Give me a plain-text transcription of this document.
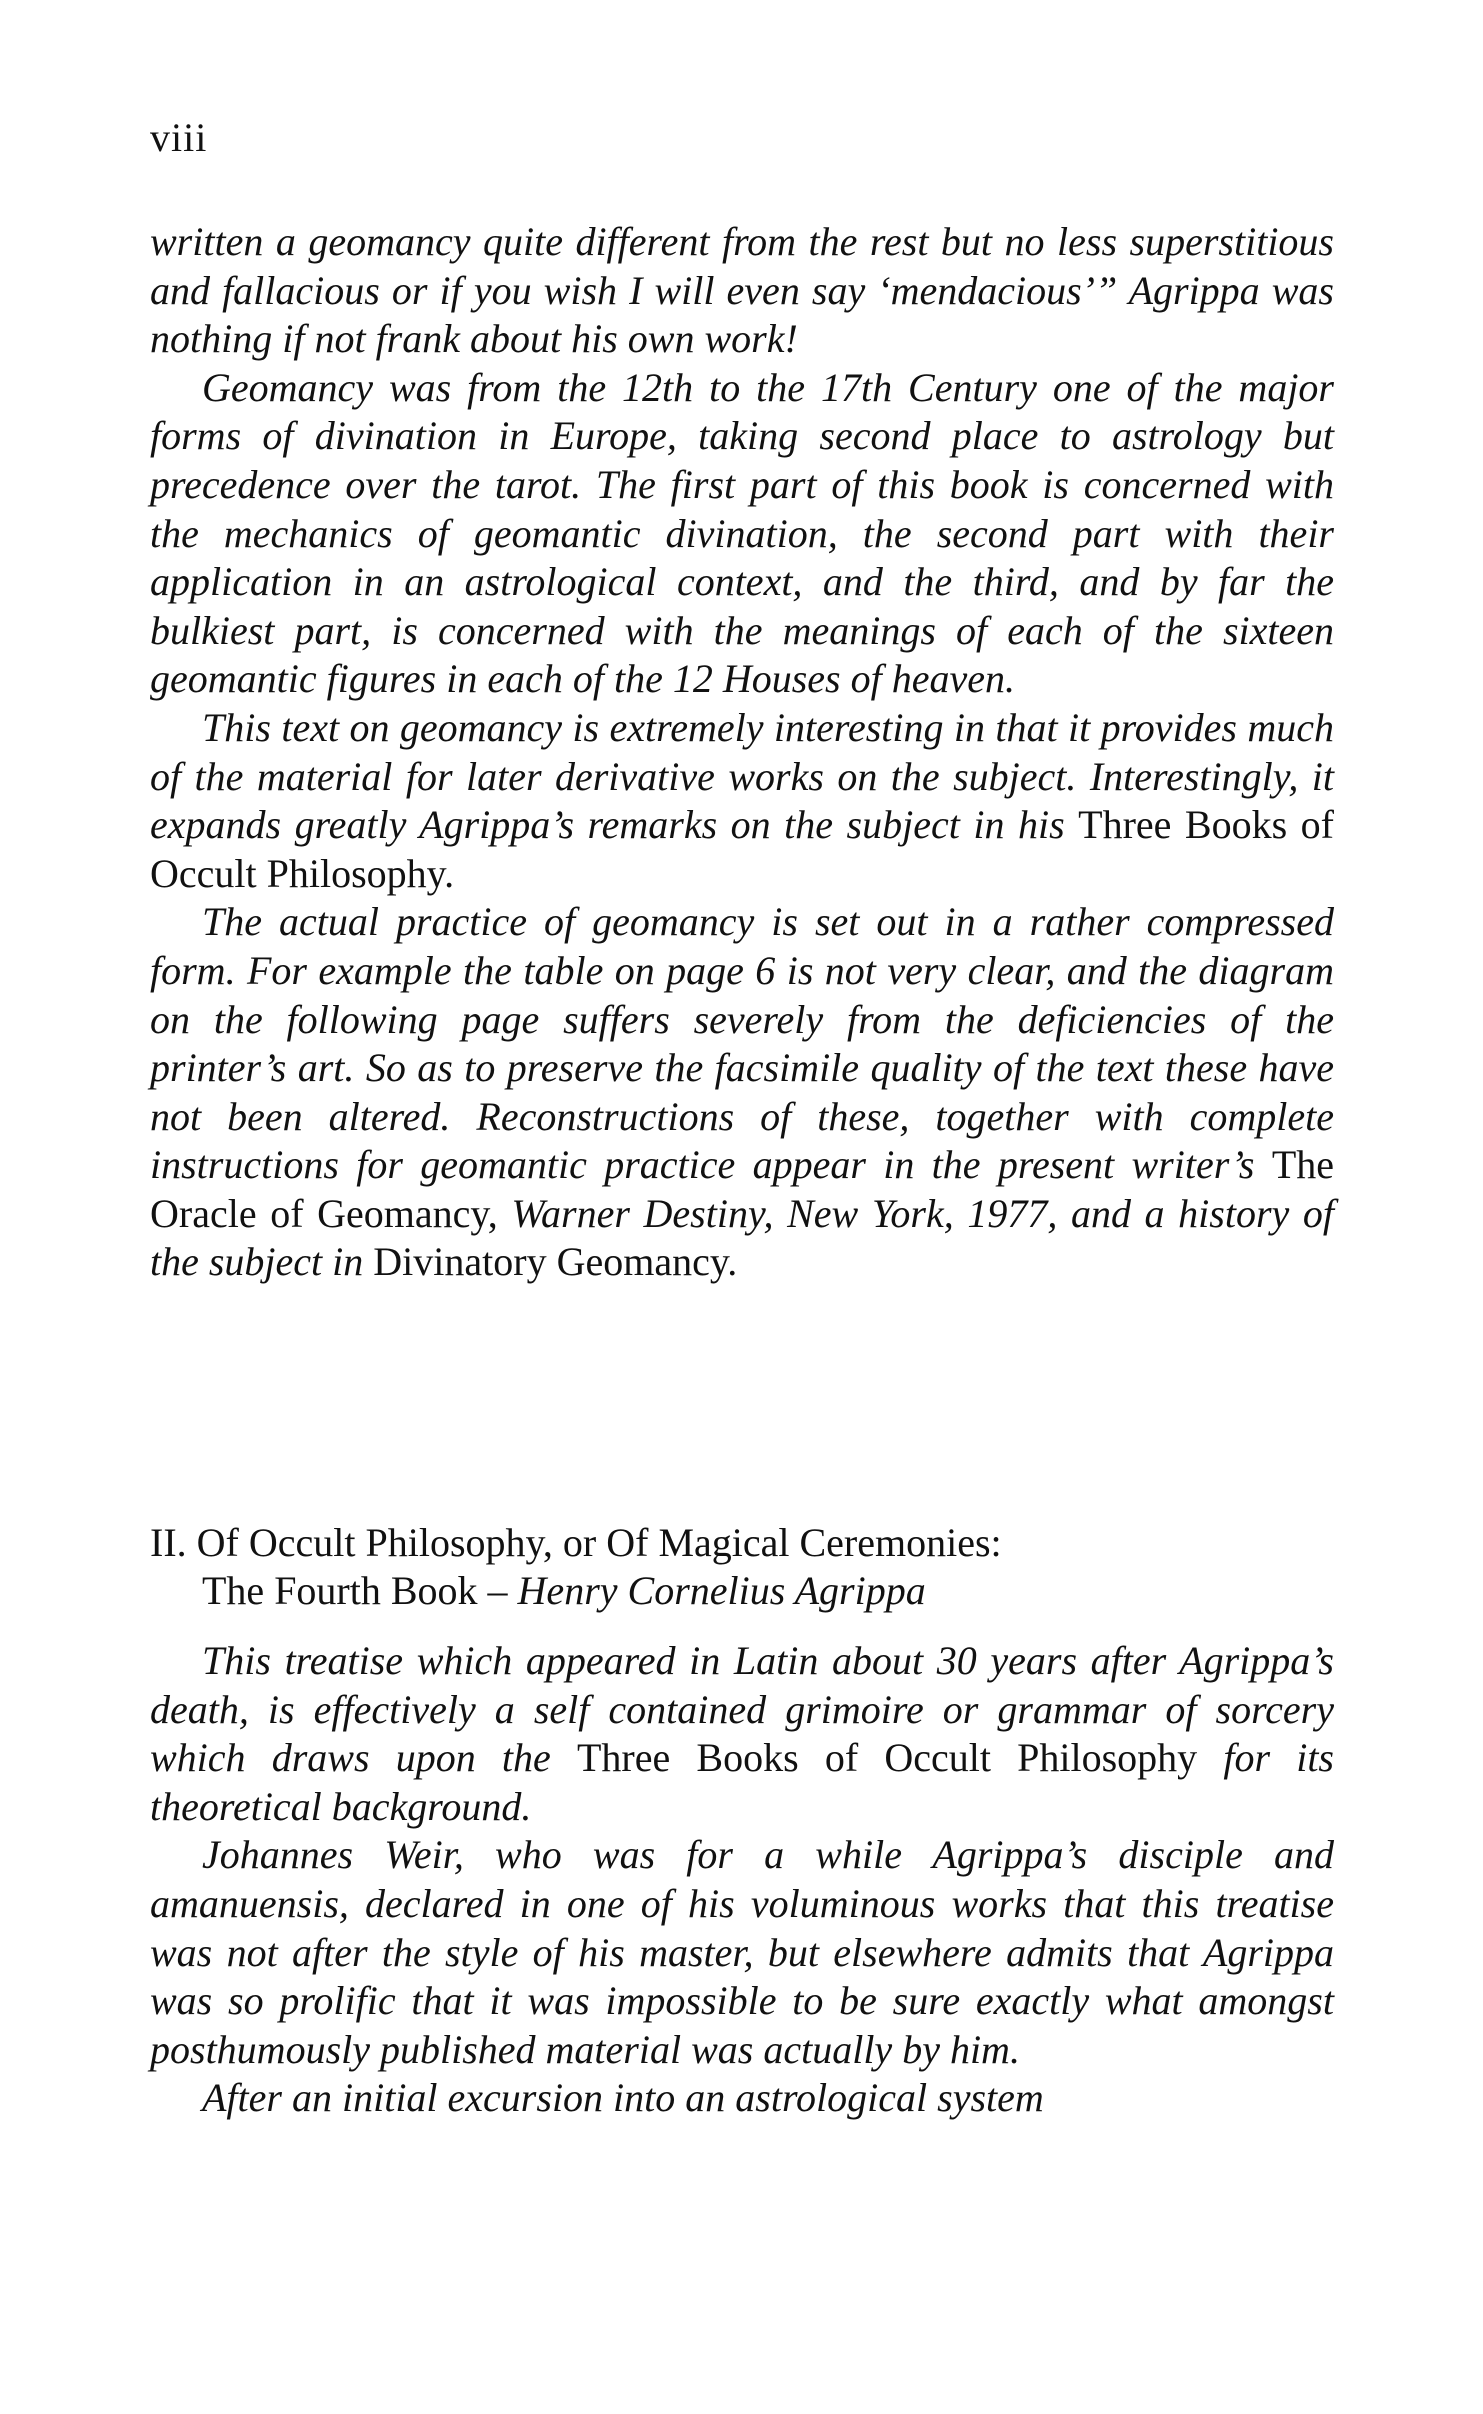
viii

written a geomancy quite different from the rest but no less superstitious and fallacious or if you wish I will even say ‘mendacious’” Agrippa was nothing if not frank about his own work!

Geomancy was from the 12th to the 17th Century one of the major forms of divination in Europe, taking second place to astrology but precedence over the tarot. The first part of this book is concerned with the mechanics of geomantic divination, the second part with their application in an astrological context, and the third, and by far the bulkiest part, is concerned with the meanings of each of the sixteen geomantic figures in each of the 12 Houses of heaven.

This text on geomancy is extremely interesting in that it provides much of the material for later derivative works on the subject. Interestingly, it expands greatly Agrippa’s remarks on the subject in his Three Books of Occult Philosophy.

The actual practice of geomancy is set out in a rather compressed form. For example the table on page 6 is not very clear, and the diagram on the following page suffers severely from the deficiencies of the printer’s art. So as to preserve the facsimile quality of the text these have not been altered. Reconstructions of these, together with complete instructions for geomantic practice appear in the present writer’s The Oracle of Geomancy, Warner Destiny, New York, 1977, and a history of the subject in Divinatory Geomancy.

II. Of Occult Philosophy, or Of Magical Ceremonies:
The Fourth Book – Henry Cornelius Agrippa

This treatise which appeared in Latin about 30 years after Agrippa’s death, is effectively a self contained grimoire or grammar of sorcery which draws upon the Three Books of Occult Philosophy for its theoretical background.

Johannes Weir, who was for a while Agrippa’s disciple and amanuensis, declared in one of his voluminous works that this treatise was not after the style of his master, but elsewhere admits that Agrippa was so prolific that it was impossible to be sure exactly what amongst posthumously published material was actually by him.

After an initial excursion into an astrological system
